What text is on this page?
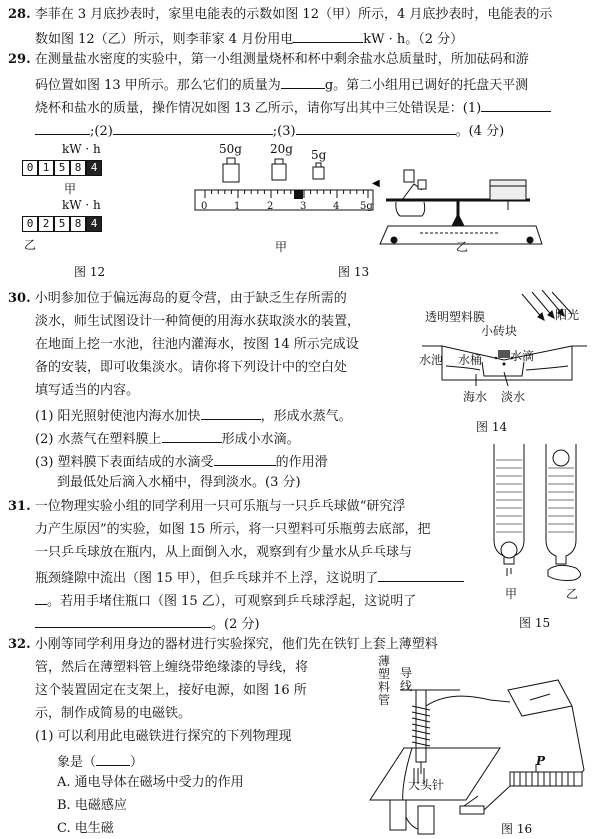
28. 李菲在 3 月底抄表时，家里电能表的示数如图 12（甲）所示，4 月底抄表时，电能表的示
数如图 12（乙）所示，则李菲家 4 月份用电	kW · h。（2 分）
29. 在测量盐水密度的实验中，第一小组测量烧杯和杯中剩余盐水总质量时，所加砝码和游
码位置如图 13 甲所示。那么它们的质量为	g。第二小组用已调好的托盘天平测
烧杯和盐水的质量，操作情况如图 13 乙所示，请你写出其中三处错误是：(1)
;(2)	;(3)	。(4 分)
kW · h
0 1 5 8 4
甲
kW · h
0 2 5 8 4
乙
图 12
◀
50g 20g 5g
0	1	2	3	4 5g
甲	乙
图 13
30. 小明参加位于偏远海岛的夏令营，由于缺乏生存所需的
淡水，师生试图设计一种简便的用海水获取淡水的装置，
在地面上挖一水池，往池内灌海水，按图 14 所示完成设
备的安装，即可收集淡水。请你将下列设计中的空白处
填写适当的内容。
(1) 阳光照射使池内海水加快	，形成水蒸气。
(2) 水蒸气在塑料膜上	形成小水滴。
(3) 塑料膜下表面结成的水滴受	的作用滑
到最低处后滴入水桶中，得到淡水。(3 分)
透明塑料膜	阳光
小砖块
水池 水桶 水滴
海水 淡水
图 14
31. 一位物理实验小组的同学利用一只可乐瓶与一只乒乓球做“研究浮
力产生原因”的实验，如图 15 所示，将一只塑料可乐瓶剪去底部，把
一只乒乓球放在瓶内，从上面倒入水，观察到有少量水从乒乓球与
瓶颈缝隙中流出（图 15 甲），但乒乓球并不上浮，这说明了
。若用手堵住瓶口（图 15 乙），可观察到乒乓球浮起，这说明了
。(2 分)
甲	乙
图 15
32. 小刚等同学利用身边的器材进行实验探究，他们先在铁钉上套上薄塑料
管，然后在薄塑料管上缠绕带绝缘漆的导线，将
这个装置固定在支架上，接好电源，如图 16 所
示，制作成简易的电磁铁。
(1) 可以利用此电磁铁进行探究的下列物理现
象是（	）
A. 通电导体在磁场中受力的作用
B. 电磁感应
C. 电生磁
薄塑料管
导线
大头针
P
图 16
